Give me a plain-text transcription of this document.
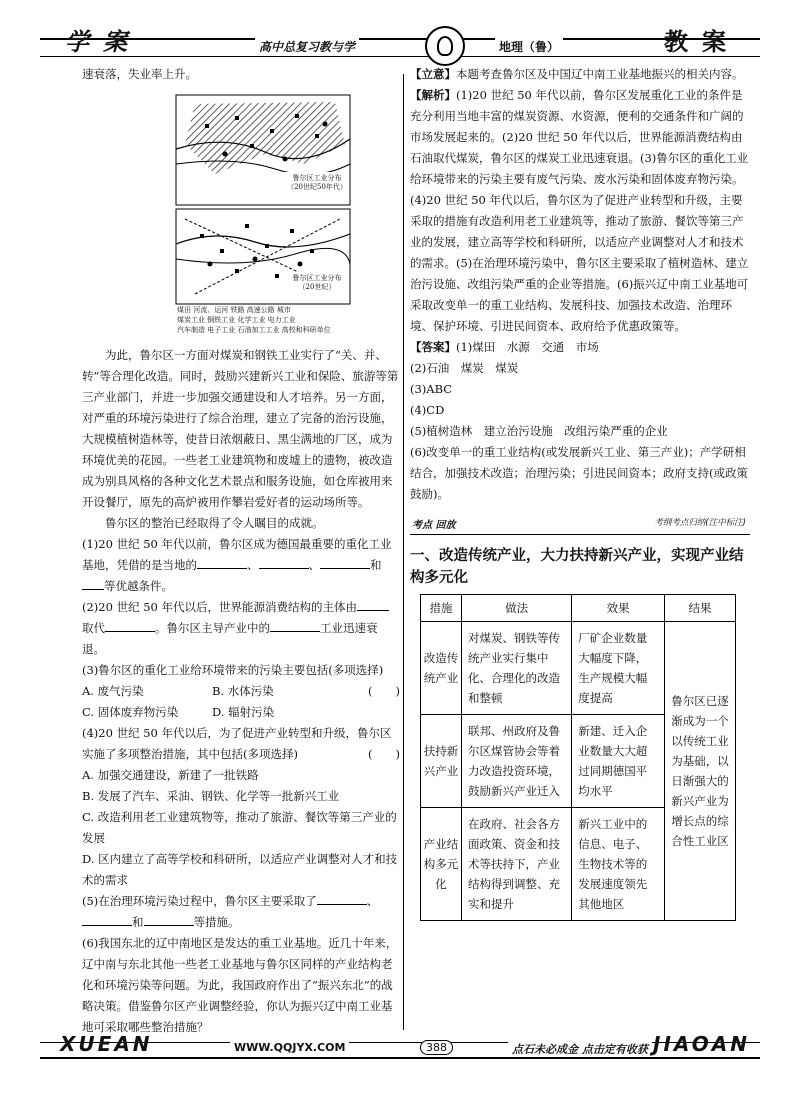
学案	高中总复习教与学	地理（鲁）	教案

速衰落，失业率上升。

鲁尔区工业分布（20世纪50年代）
鲁尔区工业分布（20世纪）
煤田 河流、运河 铁路 高速公路 城市
煤炭工业 钢铁工业 化学工业 电力工业
汽车制造 电子工业 石油加工工业 高校和科研单位

为此，鲁尔区一方面对煤炭和钢铁工业实行了“关、并、转”等合理化改造。同时，鼓励兴建新兴工业和保险、旅游等第三产业部门，并进一步加强交通建设和人才培养。另一方面，对严重的环境污染进行了综合治理，建立了完备的治污设施，大规模植树造林等，使昔日浓烟蔽日、黑尘满地的厂区，成为环境优美的花园。一些老工业建筑物和废墟上的遗物，被改造成为别具风格的各种文化艺术景点和服务设施，如仓库被用来开设餐厅，原先的高炉被用作攀岩爱好者的运动场所等。

鲁尔区的整治已经取得了令人瞩目的成就。

(1)20 世纪 50 年代以前，鲁尔区成为德国最重要的重化工业基地，凭借的是当地的	、	、	和等优越条件。

(2)20 世纪 50 年代以后，世界能源消费结构的主体由取代	。鲁尔区主导产业中的	工业迅速衰退。

(3)鲁尔区的重化工业给环境带来的污染主要包括(多项选择)
(　　)

A. 废气污染	B. 水体污染

C. 固体废弃物污染	D. 辐射污染

(4)20 世纪 50 年代以后，为了促进产业转型和升级，鲁尔区实施了多项整治措施，其中包括(多项选择)	(　　)

A. 加强交通建设，新建了一批铁路

B. 发展了汽车、采油、钢铁、化学等一批新兴工业

C. 改造利用老工业建筑物等，推动了旅游、餐饮等第三产业的发展

D. 区内建立了高等学校和科研所，以适应产业调整对人才和技术的需求

(5)在治理环境污染过程中，鲁尔区主要采取了	、和	等措施。

(6)我国东北的辽中南地区是发达的重工业基地。近几十年来，辽中南与东北其他一些老工业基地与鲁尔区同样的产业结构老化和环境污染等问题。为此，我国政府作出了“振兴东北”的战略决策。借鉴鲁尔区产业调整经验，你认为振兴辽中南工业基地可采取哪些整治措施？

【立意】本题考查鲁尔区及中国辽中南工业基地振兴的相关内容。

【解析】(1)20 世纪 50 年代以前，鲁尔区发展重化工业的条件是充分利用当地丰富的煤炭资源、水资源，便利的交通条件和广阔的市场发展起来的。(2)20 世纪 50 年代以后，世界能源消费结构由石油取代煤炭，鲁尔区的煤炭工业迅速衰退。(3)鲁尔区的重化工业给环境带来的污染主要有废气污染、废水污染和固体废弃物污染。(4)20 世纪 50 年代以后，鲁尔区为了促进产业转型和升级，主要采取的措施有改造利用老工业建筑等，推动了旅游、餐饮等第三产业的发展，建立高等学校和科研所，以适应产业调整对人才和技术的需求。(5)在治理环境污染中，鲁尔区主要采取了植树造林、建立治污设施、改组污染严重的企业等措施。(6)振兴辽中南工业基地可采取改变单一的重工业结构、发展科技、加强技术改造、治理环境、保护环境、引进民间资本、政府给予优惠政策等。

【答案】(1)煤田　水源　交通　市场

(2)石油　煤炭　煤炭

(3)ABC

(4)CD

(5)植树造林　建立治污设施　改组污染严重的企业

(6)改变单一的重工业结构(或发展新兴工业、第三产业)；产学研相结合，加强技术改造；治理污染；引进民间资本；政府支持(或政策鼓励)。

考点 回放	考纲考点归纳(注中标注)
一、改造传统产业，大力扶持新兴产业，实现产业结构多元化
措施	做法	效果	结果
改造传统产业	对煤炭、钢铁等传统产业实行集中化、合理化的改造和整顿	厂矿企业数量大幅度下降，生产规模大幅度提高	鲁尔区已逐渐成为一个以传统工业为基础，以日渐强大的新兴产业为增长点的综合性工业区
扶持新兴产业	联邦、州政府及鲁尔区煤管协会等着力改造投资环境，鼓励新兴产业迁入	新建、迁入企业数量大大超过同期德国平均水平	
产业结构多元化	在政府、社会各方面政策、资金和技术等扶持下，产业结构得到调整、充实和提升	新兴工业中的信息、电子、生物技术等的发展速度领先其他地区	
XUEAN	WWW.QQJYX.COM	388	点石未必成金 点击定有收获 JIAOAN
